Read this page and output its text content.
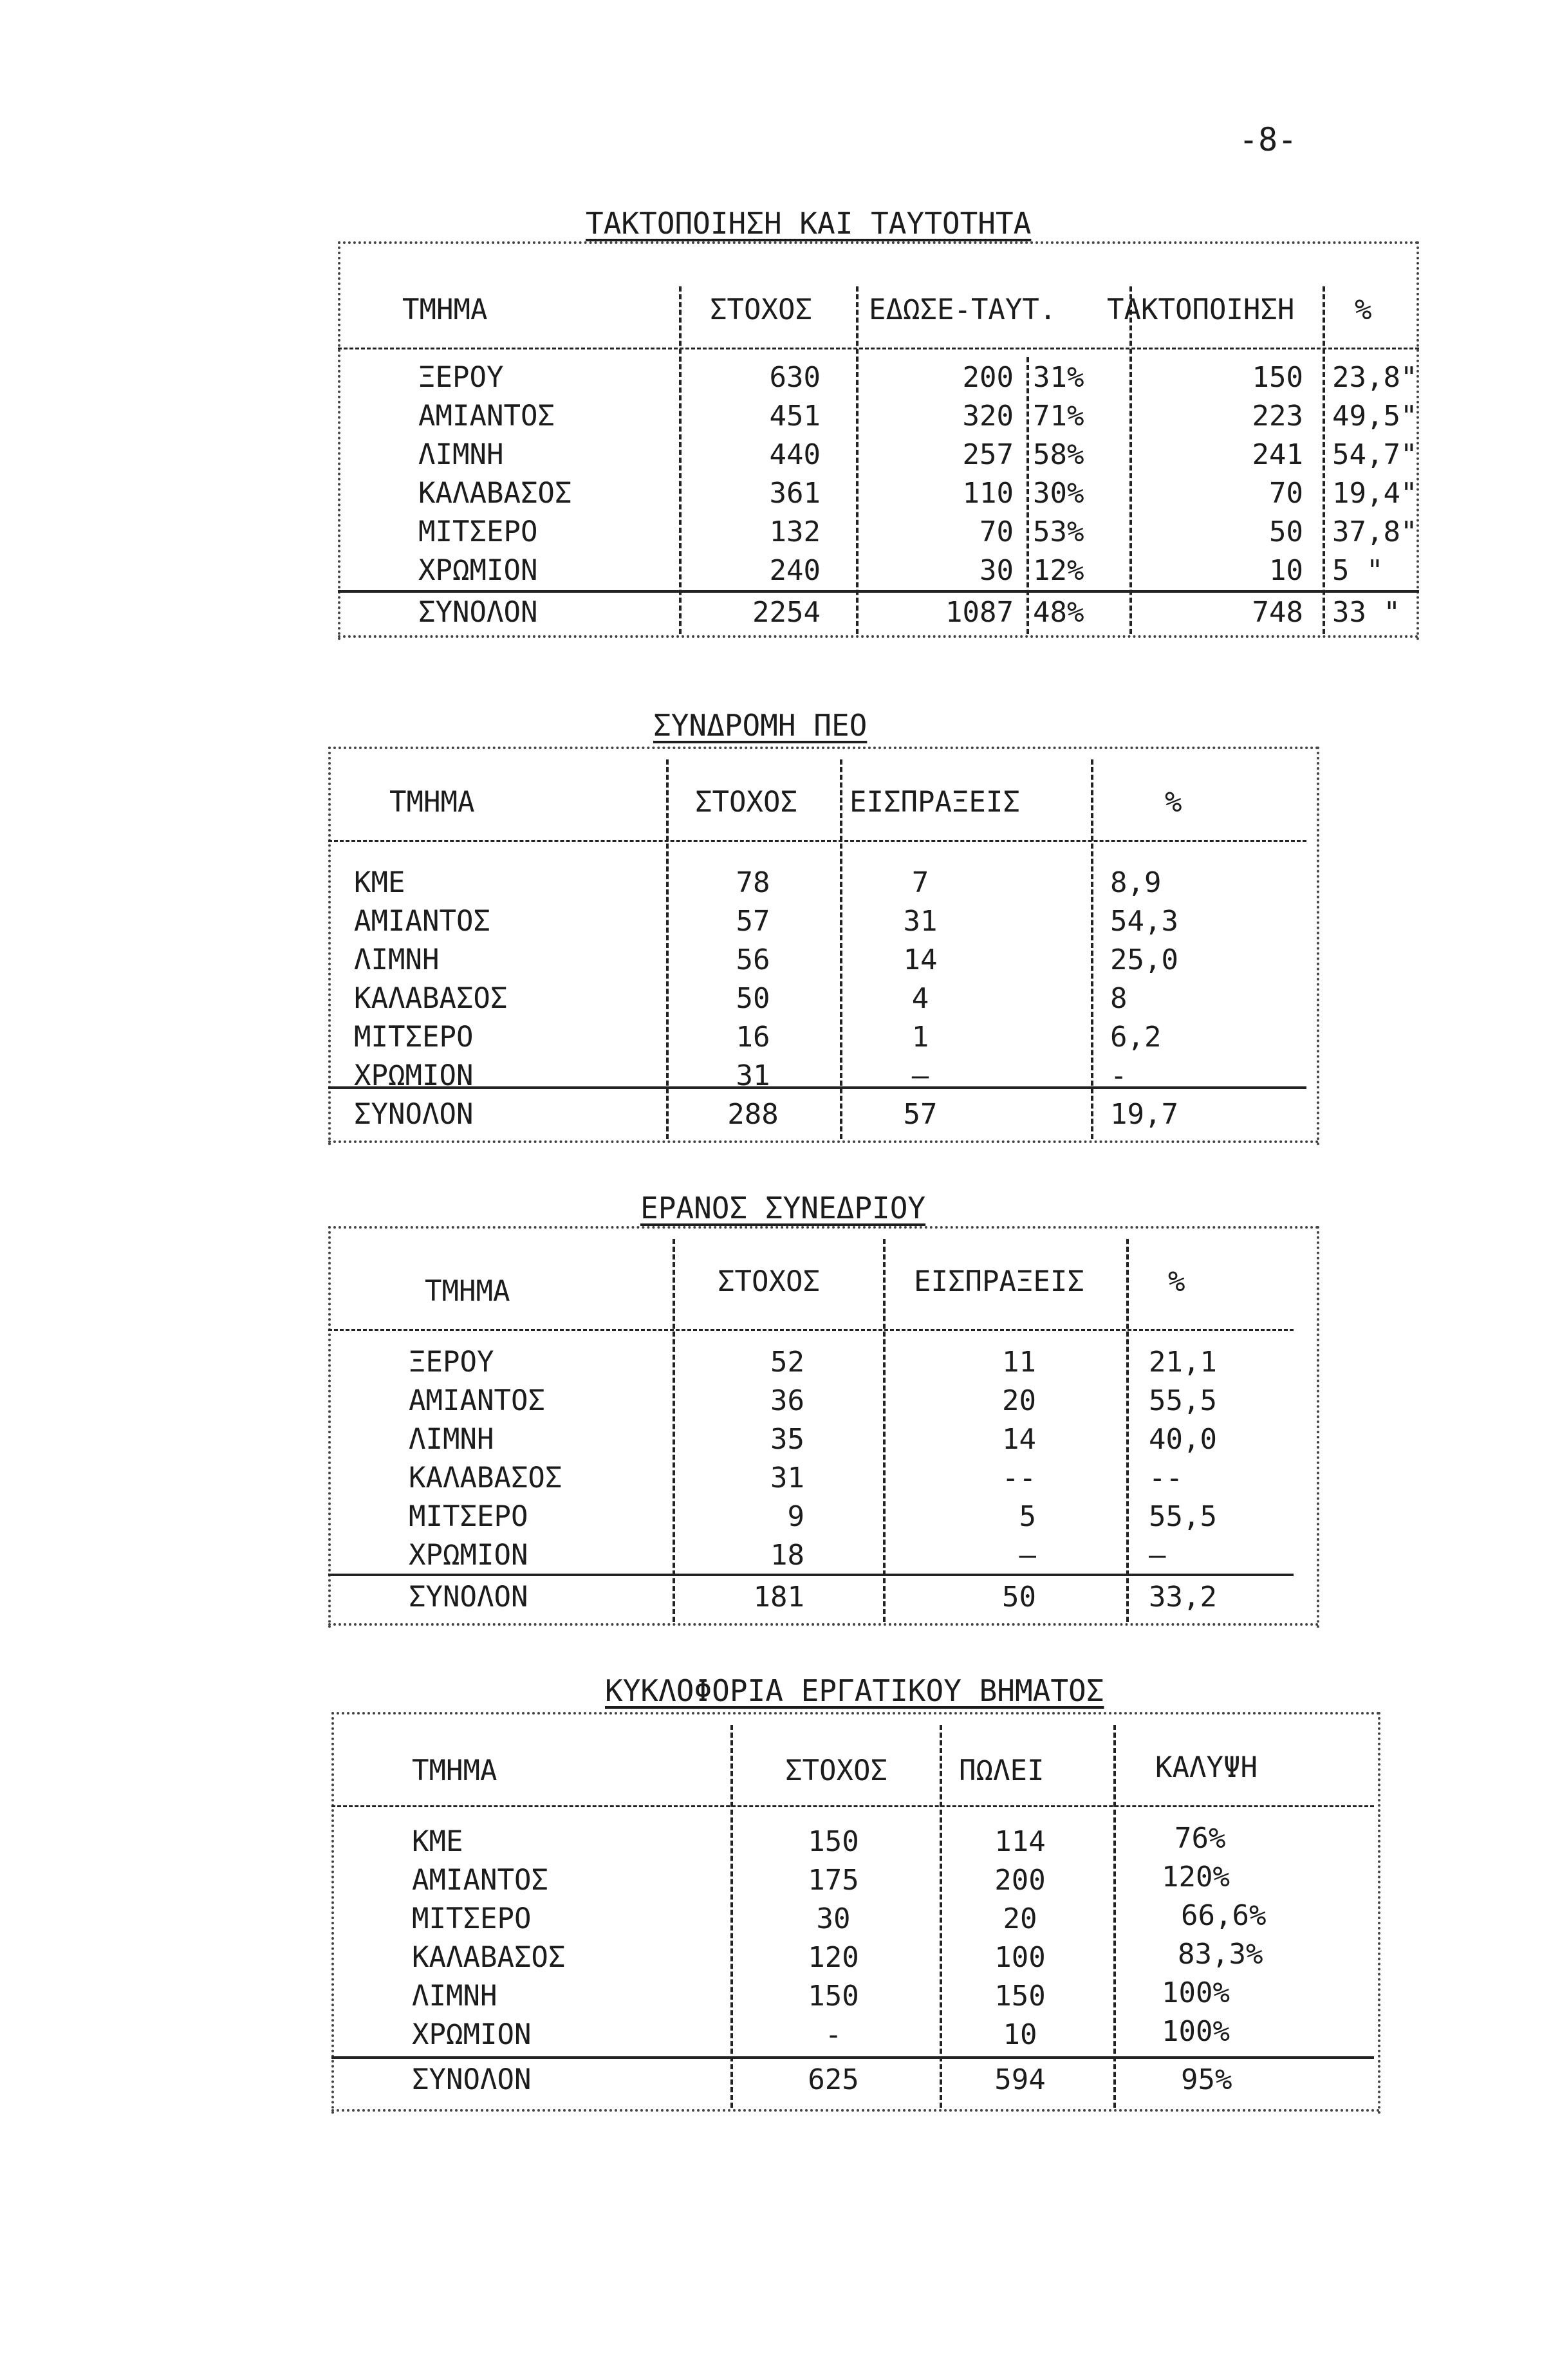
-8-
ΤΑΚΤΟΠΟΙΗΣΗ ΚΑΙ ΤΑΥΤΟΤΗΤΑ
ΤΜΗΜΑ	ΣΤΟΧΟΣ ΕΔΩΣΕ-ΤΑΥΤ. ΤΑΚΤΟΠΟΙΗΣΗ %
ΞΕΡΟΥ	630	200 31%	150 23,8"
ΑΜΙΑΝΤΟΣ	451	320 71%	223 49,5"
ΛΙΜΝΗ	440	257 58%	241 54,7"
ΚΑΛΑΒΑΣΟΣ	361	110 30%	70 19,4"
ΜΙΤΣΕΡΟ	132	70 53%	50 37,8"
ΧΡΩΜΙΟΝ	240	30 12%	10 5 "
ΣΥΝΟΛΟΝ	2254	1087 48%	748 33 "
ΣΥΝΔΡΟΜΗ ΠΕΟ
ΤΜΗΜΑ	ΣΤΟΧΟΣ ΕΙΣΠΡΑΞΕΙΣ	%
ΚΜΕ	78	7	8,9
ΑΜΙΑΝΤΟΣ	57	31	54,3
ΛΙΜΝΗ	56	14	25,0
ΚΑΛΑΒΑΣΟΣ	50	4	8
ΜΙΤΣΕΡΟ	16	1	6,2
ΧΡΩΜΙΟΝ	31	—	-
ΣΥΝΟΛΟΝ	288	57	19,7
ΕΡΑΝΟΣ ΣΥΝΕΔΡΙΟΥ
ΤΜΗΜΑ	ΣΤΟΧΟΣ	ΕΙΣΠΡΑΞΕΙΣ	%
ΞΕΡΟΥ	52	11	21,1
ΑΜΙΑΝΤΟΣ	36	20	55,5
ΛΙΜΝΗ	35	14	40,0
ΚΑΛΑΒΑΣΟΣ	31	--	--
ΜΙΤΣΕΡΟ	9	5	55,5
ΧΡΩΜΙΟΝ	18	—	—
ΣΥΝΟΛΟΝ	181	50	33,2
ΚΥΚΛΟΦΟΡΙΑ ΕΡΓΑΤΙΚΟΥ ΒΗΜΑΤΟΣ
ΤΜΗΜΑ	ΣΤΟΧΟΣ	ΠΩΛΕΙ	ΚΑΛΥΨΗ
ΚΜΕ	150	114	76%
ΑΜΙΑΝΤΟΣ	175	200	120%
ΜΙΤΣΕΡΟ	30	20	66,6%
ΚΑΛΑΒΑΣΟΣ	120	100	83,3%
ΛΙΜΝΗ	150	150	100%
ΧΡΩΜΙΟΝ	-	10	100%
ΣΥΝΟΛΟΝ	625	594	95%
